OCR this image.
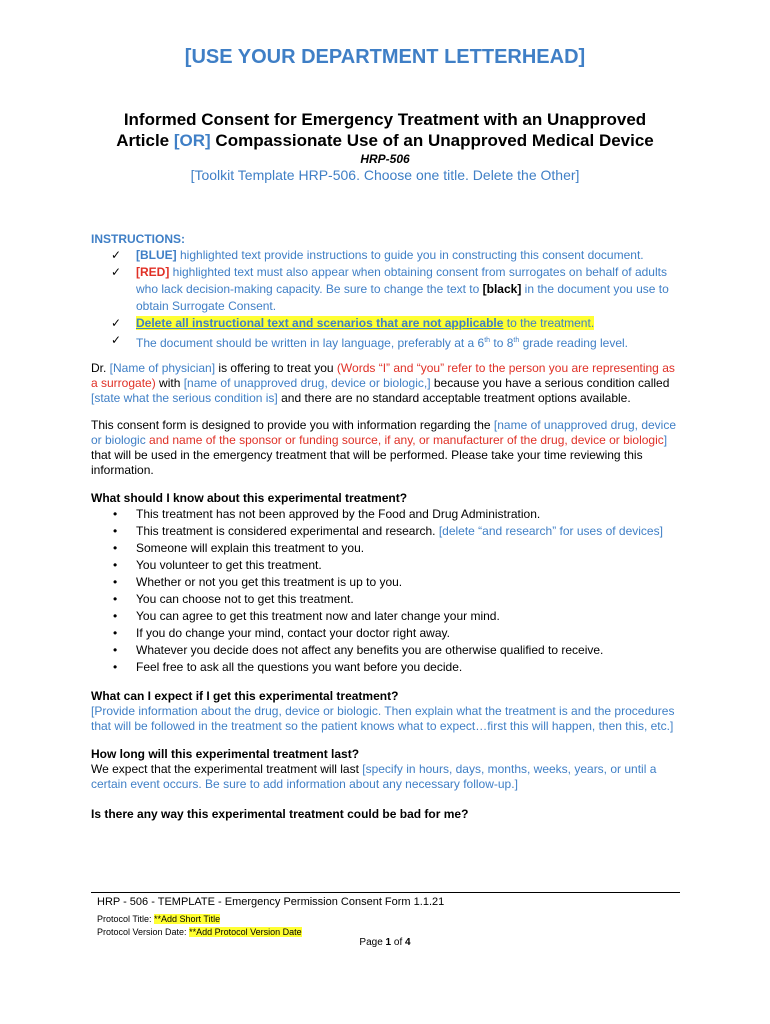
[USE YOUR DEPARTMENT LETTERHEAD]
Informed Consent for Emergency Treatment with an Unapproved
Article [OR] Compassionate Use of an Unapproved Medical Device
HRP-506
[Toolkit Template HRP-506. Choose one title. Delete the Other]

INSTRUCTIONS:

✓ [BLUE] highlighted text provide instructions to guide you in constructing this consent document.
✓ [RED] highlighted text must also appear when obtaining consent from surrogates on behalf of adults who lack decision-making capacity. Be sure to change the text to [black] in the document you use to obtain Surrogate Consent.
✓ Delete all instructional text and scenarios that are not applicable to the treatment.
✓ The document should be written in lay language, preferably at a 6th to 8th grade reading level.

Dr. [Name of physician] is offering to treat you (Words “I” and “you” refer to the person you are representing as a surrogate) with [name of unapproved drug, device or biologic,] because you have a serious condition called [state what the serious condition is] and there are no standard acceptable treatment options available.

This consent form is designed to provide you with information regarding the [name of unapproved drug, device or biologic and name of the sponsor or funding source, if any, or manufacturer of the drug, device or biologic] that will be used in the emergency treatment that will be performed. Please take your time reviewing this information.

What should I know about this experimental treatment?

• This treatment has not been approved by the Food and Drug Administration.
• This treatment is considered experimental and research. [delete “and research” for uses of devices]
• Someone will explain this treatment to you.
• You volunteer to get this treatment.
• Whether or not you get this treatment is up to you.
• You can choose not to get this treatment.
• You can agree to get this treatment now and later change your mind.
• If you do change your mind, contact your doctor right away.
• Whatever you decide does not affect any benefits you are otherwise qualified to receive.
• Feel free to ask all the questions you want before you decide.

What can I expect if I get this experimental treatment?

[Provide information about the drug, device or biologic. Then explain what the treatment is and the procedures that will be followed in the treatment so the patient knows what to expect…first this will happen, then this, etc.]

How long will this experimental treatment last?

We expect that the experimental treatment will last [specify in hours, days, months, weeks, years, or until a certain event occurs. Be sure to add information about any necessary follow-up.]

Is there any way this experimental treatment could be bad for me?

HRP - 506 - TEMPLATE - Emergency Permission Consent Form 1.1.21
Protocol Title: **Add Short Title
Protocol Version Date: **Add Protocol Version Date
Page 1 of 4
